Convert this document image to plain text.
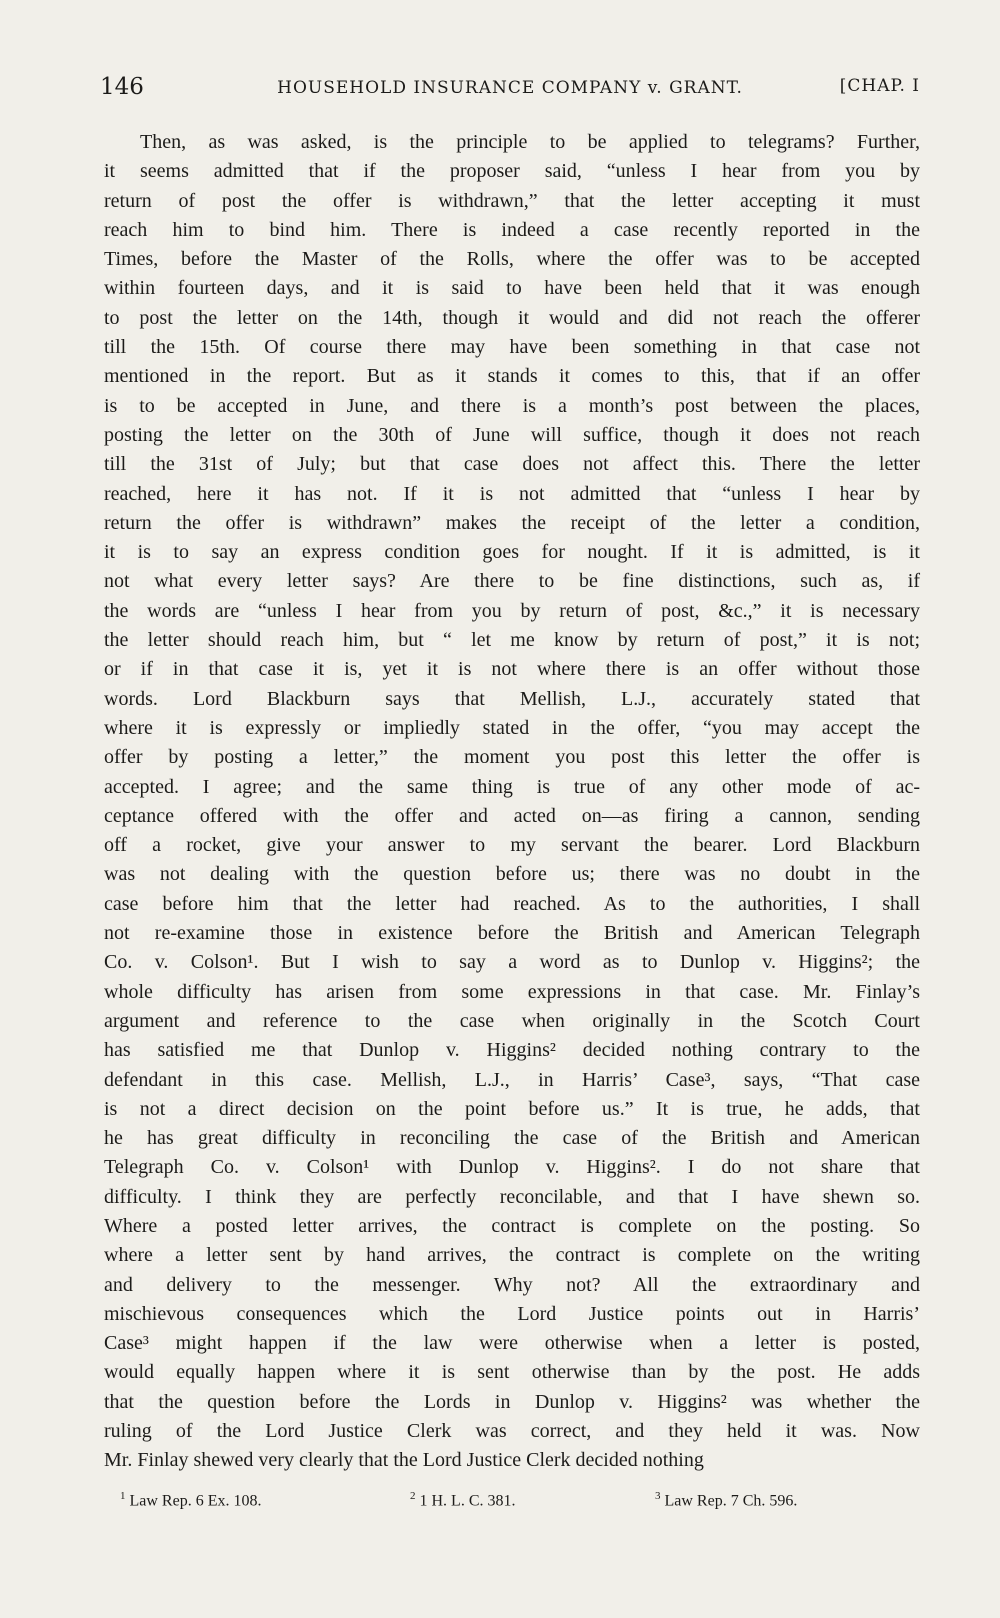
146	HOUSEHOLD INSURANCE COMPANY v. GRANT.	[CHAP. I
Then, as was asked, is the principle to be applied to telegrams? Further,
it seems admitted that if the proposer said, “unless I hear from you by
return of post the offer is withdrawn,” that the letter accepting it must
reach him to bind him. There is indeed a case recently reported in the
Times, before the Master of the Rolls, where the offer was to be accepted
within fourteen days, and it is said to have been held that it was enough
to post the letter on the 14th, though it would and did not reach the offerer
till the 15th. Of course there may have been something in that case not
mentioned in the report. But as it stands it comes to this, that if an offer
is to be accepted in June, and there is a month’s post between the places,
posting the letter on the 30th of June will suffice, though it does not reach
till the 31st of July; but that case does not affect this. There the letter
reached, here it has not. If it is not admitted that “unless I hear by
return the offer is withdrawn” makes the receipt of the letter a condition,
it is to say an express condition goes for nought. If it is admitted, is it
not what every letter says? Are there to be fine distinctions, such as, if
the words are “unless I hear from you by return of post, &c.,” it is necessary
the letter should reach him, but “ let me know by return of post,” it is not;
or if in that case it is, yet it is not where there is an offer without those
words. Lord Blackburn says that Mellish, L.J., accurately stated that
where it is expressly or impliedly stated in the offer, “you may accept the
offer by posting a letter,” the moment you post this letter the offer is
accepted. I agree; and the same thing is true of any other mode of ac-
ceptance offered with the offer and acted on—as firing a cannon, sending
off a rocket, give your answer to my servant the bearer. Lord Blackburn
was not dealing with the question before us; there was no doubt in the
case before him that the letter had reached. As to the authorities, I shall
not re-examine those in existence before the British and American Telegraph
Co. v. Colson¹. But I wish to say a word as to Dunlop v. Higgins²; the
whole difficulty has arisen from some expressions in that case. Mr. Finlay’s
argument and reference to the case when originally in the Scotch Court
has satisfied me that Dunlop v. Higgins² decided nothing contrary to the
defendant in this case. Mellish, L.J., in Harris’ Case³, says, “That case
is not a direct decision on the point before us.” It is true, he adds, that
he has great difficulty in reconciling the case of the British and American
Telegraph Co. v. Colson¹ with Dunlop v. Higgins². I do not share that
difficulty. I think they are perfectly reconcilable, and that I have shewn so.
Where a posted letter arrives, the contract is complete on the posting. So
where a letter sent by hand arrives, the contract is complete on the writing
and delivery to the messenger. Why not? All the extraordinary and
mischievous consequences which the Lord Justice points out in Harris’
Case³ might happen if the law were otherwise when a letter is posted,
would equally happen where it is sent otherwise than by the post. He adds
that the question before the Lords in Dunlop v. Higgins² was whether the
ruling of the Lord Justice Clerk was correct, and they held it was. Now
Mr. Finlay shewed very clearly that the Lord Justice Clerk decided nothing
$^1$ Law Rep. 6 Ex. 108.	$^2$ 1 H. L. C. 381.	$^3$ Law Rep. 7 Ch. 596.
